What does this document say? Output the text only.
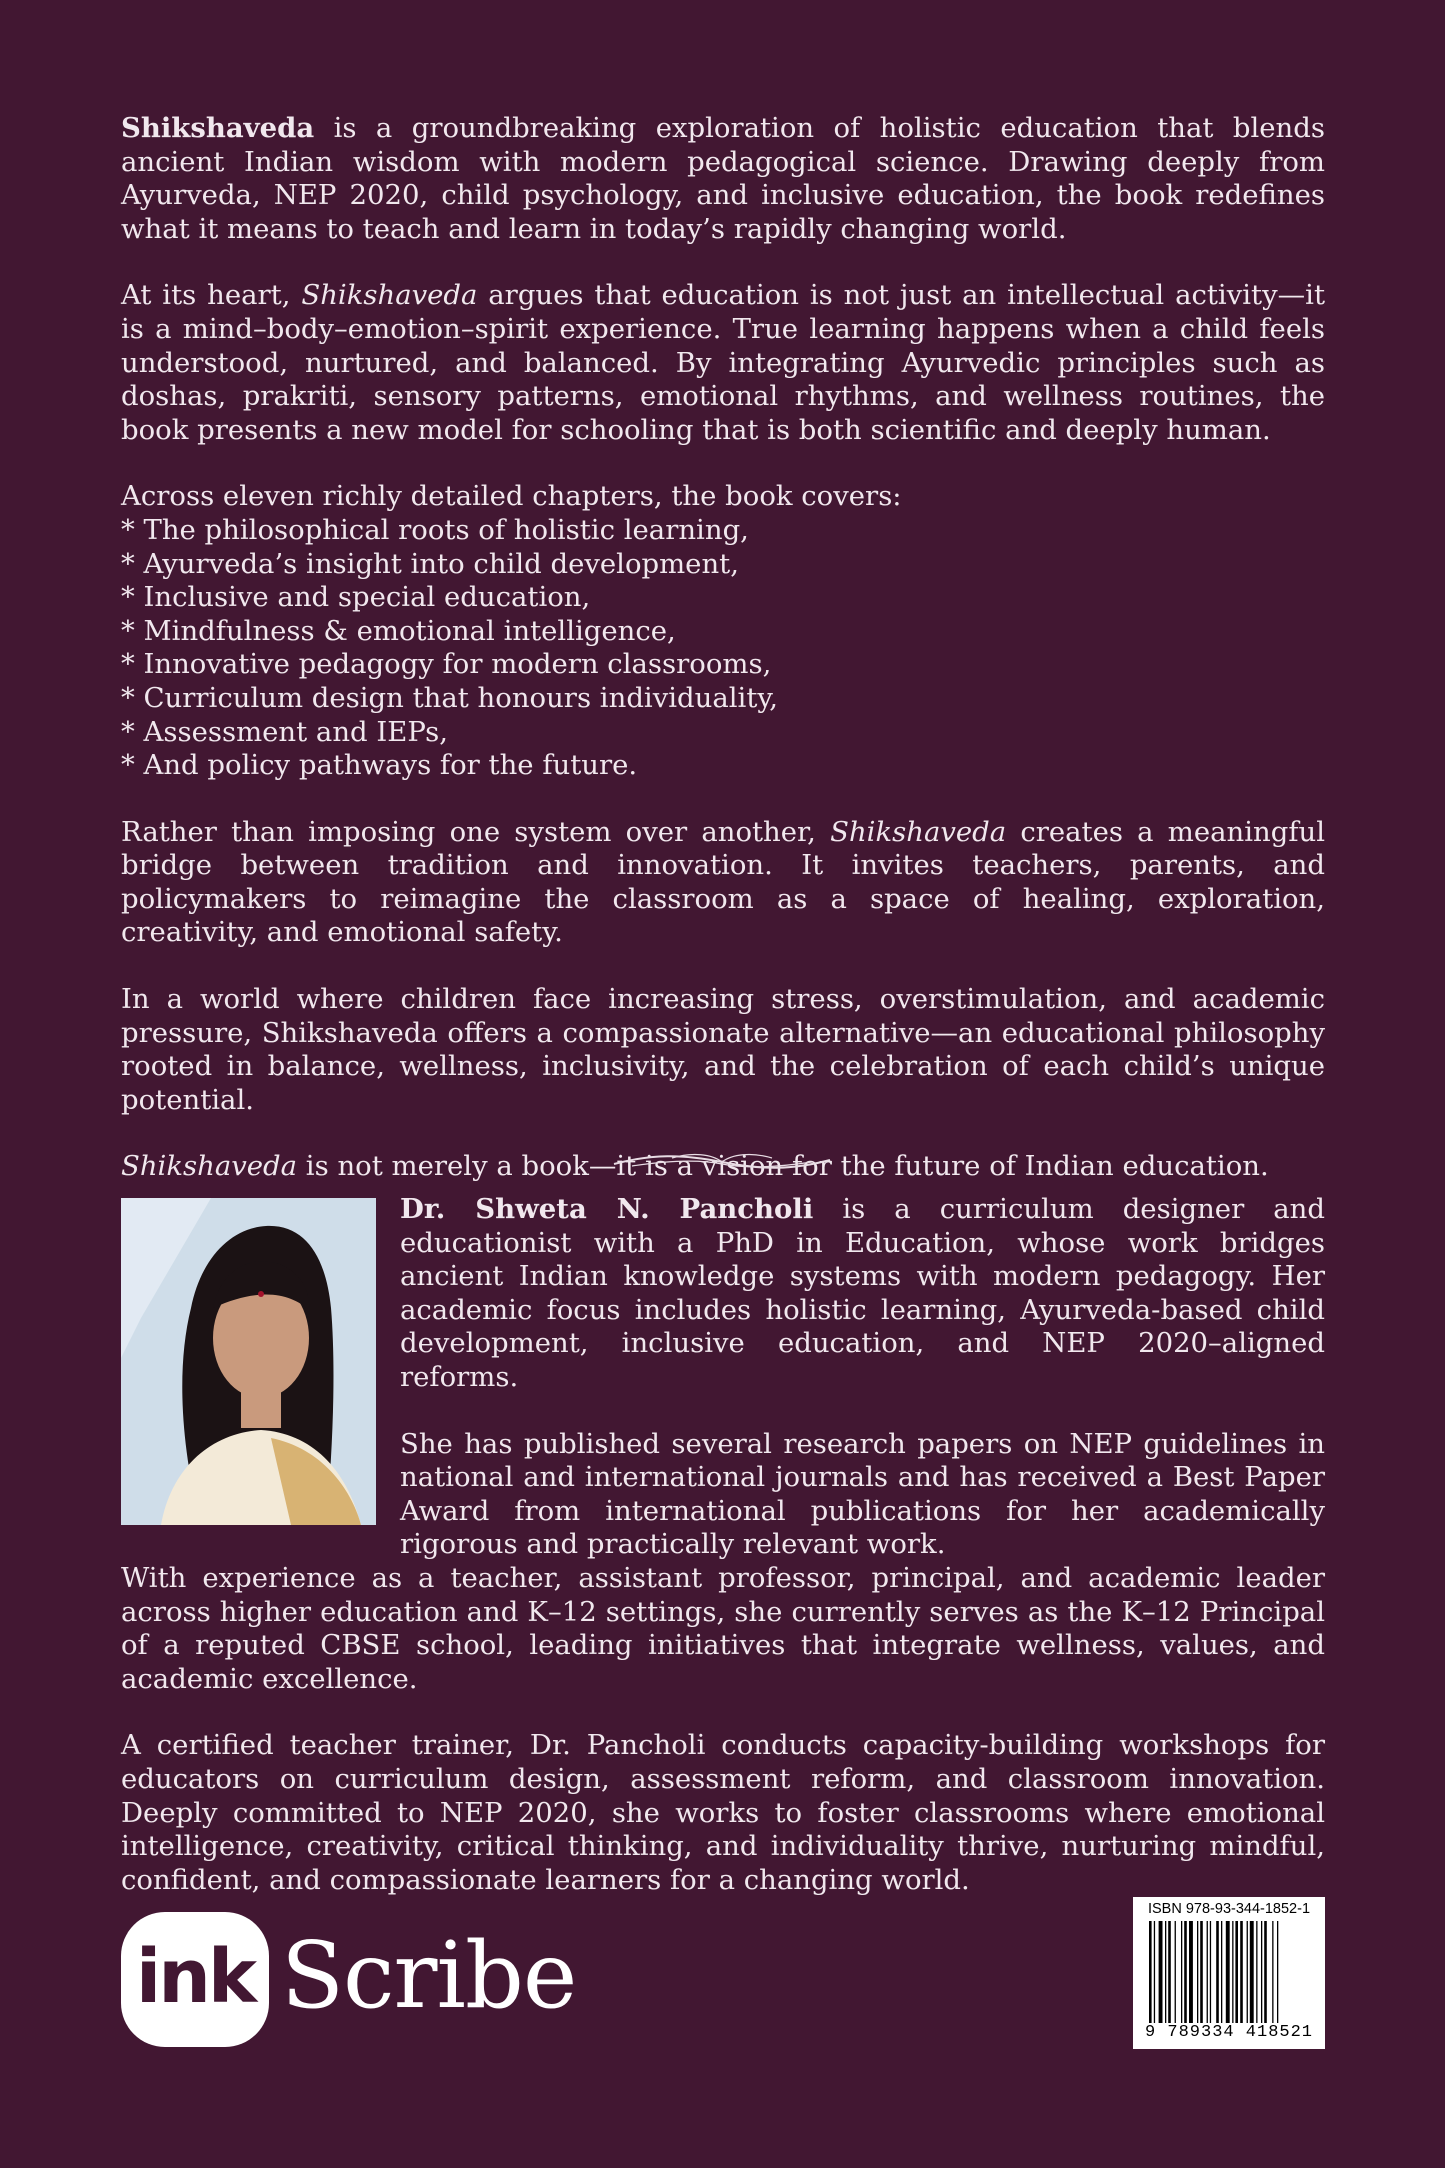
Shikshaveda is a groundbreaking exploration of holistic education that blends ancient Indian wisdom with modern pedagogical science. Drawing deeply from Ayurveda, NEP 2020, child psychology, and inclusive education, the book redefines what it means to teach and learn in today’s rapidly changing world.

At its heart, Shikshaveda argues that education is not just an intellectual activity—it is a mind–body–emotion–spirit experience. True learning happens when a child feels understood, nurtured, and balanced. By integrating Ayurvedic principles such as doshas, prakriti, sensory patterns, emotional rhythms, and wellness routines, the book presents a new model for schooling that is both scientific and deeply human.

Across eleven richly detailed chapters, the book covers:

* The philosophical roots of holistic learning,
* Ayurveda’s insight into child development,
* Inclusive and special education,
* Mindfulness & emotional intelligence,
* Innovative pedagogy for modern classrooms,
* Curriculum design that honours individuality,
* Assessment and IEPs,
* And policy pathways for the future.

Rather than imposing one system over another, Shikshaveda creates a meaningful bridge between tradition and innovation. It invites teachers, parents, and policymakers to reimagine the classroom as a space of healing, exploration, creativity, and emotional safety.

In a world where children face increasing stress, overstimulation, and academic pressure, Shikshaveda offers a compassionate alternative—an educational philosophy rooted in balance, wellness, inclusivity, and the celebration of each child’s unique potential.

Shikshaveda is not merely a book—it is a vision for the future of Indian education.

Dr. Shweta N. Pancholi is a curriculum designer and educationist with a PhD in Education, whose work bridges ancient Indian knowledge systems with modern pedagogy. Her academic focus includes holistic learning, Ayurveda-based child development, inclusive education, and NEP 2020–aligned reforms.

She has published several research papers on NEP guidelines in national and international journals and has received a Best Paper Award from international publications for her academically rigorous and practically relevant work.

With experience as a teacher, assistant professor, principal, and academic leader across higher education and K–12 settings, she currently serves as the K–12 Principal of a reputed CBSE school, leading initiatives that integrate wellness, values, and academic excellence.

A certified teacher trainer, Dr. Pancholi conducts capacity-building workshops for educators on curriculum design, assessment reform, and classroom innovation. Deeply committed to NEP 2020, she works to foster classrooms where emotional intelligence, creativity, critical thinking, and individuality thrive, nurturing mindful, confident, and compassionate learners for a changing world.

ink Scribe
ISBN 978-93-344-1852-1
9 789334 418521
